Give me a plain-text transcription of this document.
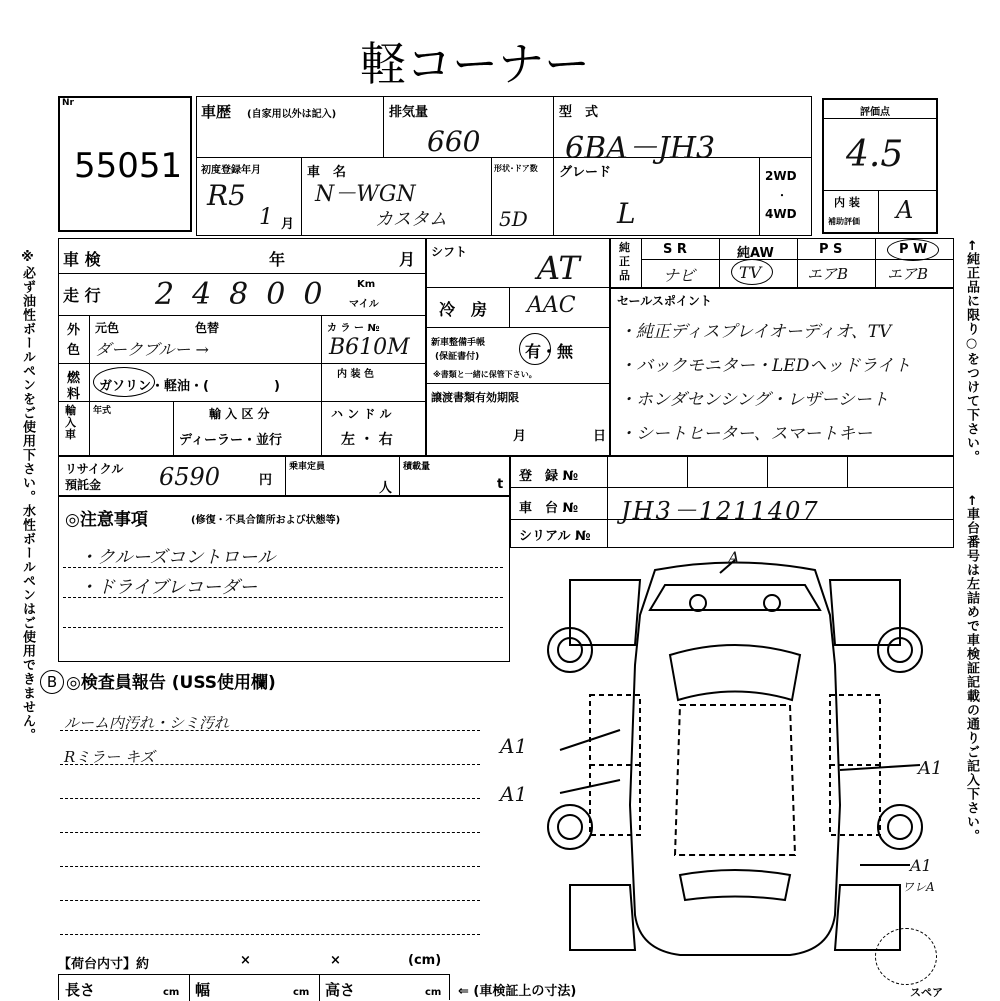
軽コーナー
※必ず油性ボールペンをご使用下さい。水性ボールペンはご使用できません。	←純正品に限り○をつけて下さい。
←車台番号は左詰めで車検証記載の通りご記入下さい。
Nr
55051
車歴 (自家用以外は記入)	排気量
660
型　式
6BA－JH3
初度登録年月
R5
1 月
車　名
N－WGN
カスタム
形状･ドア数
5D
グレード
L
2WD
・
4WD
評価点
4.5
内 装
補助評価 A
車 検	年	月
走 行 24800 Km
マイル
外
色
元色	色替
ダークブルー →
カ ラ ー №
B610M
燃
料
ガソリン・軽油・(　　　　　)
内 装 色
輸入車
年式	輸 入 区 分
ディーラー・並行
ハ ン ド ル
左 ・ 右
シフト AT
冷　房 AAC
新車整備手帳
(保証書付)	有・無
※書類と一緒に保管下さい。
譲渡書類有効期限
月	日
純
正
品
S R	純AW	P S	P W
ナビ	TV	エアB	エアB
セールスポイント
・純正ディスプレイオーディオ、TV
・バックモニター・LEDヘッドライト
・ホンダセンシング・レザーシート
・シートヒーター、スマートキー
リサイクル
預託金 6590	円
乗車定員
人
積載量
t
登　録 №
車　台 № JH3－1211407
シリアル №
◎注意事項	(修復・不具合箇所および状態等)
・クルーズコントロール
・ドライブレコーダー
B ◎検査員報告 (USS使用欄)
ルーム内汚れ・シミ汚れ
Rミラー キズ
A
A1
A1
A1
A1
ワレA
スペア
【荷台内寸】約	×	×	(cm)
長さ	cm 幅	cm 高さ	cm ⇐ (車検証上の寸法)
